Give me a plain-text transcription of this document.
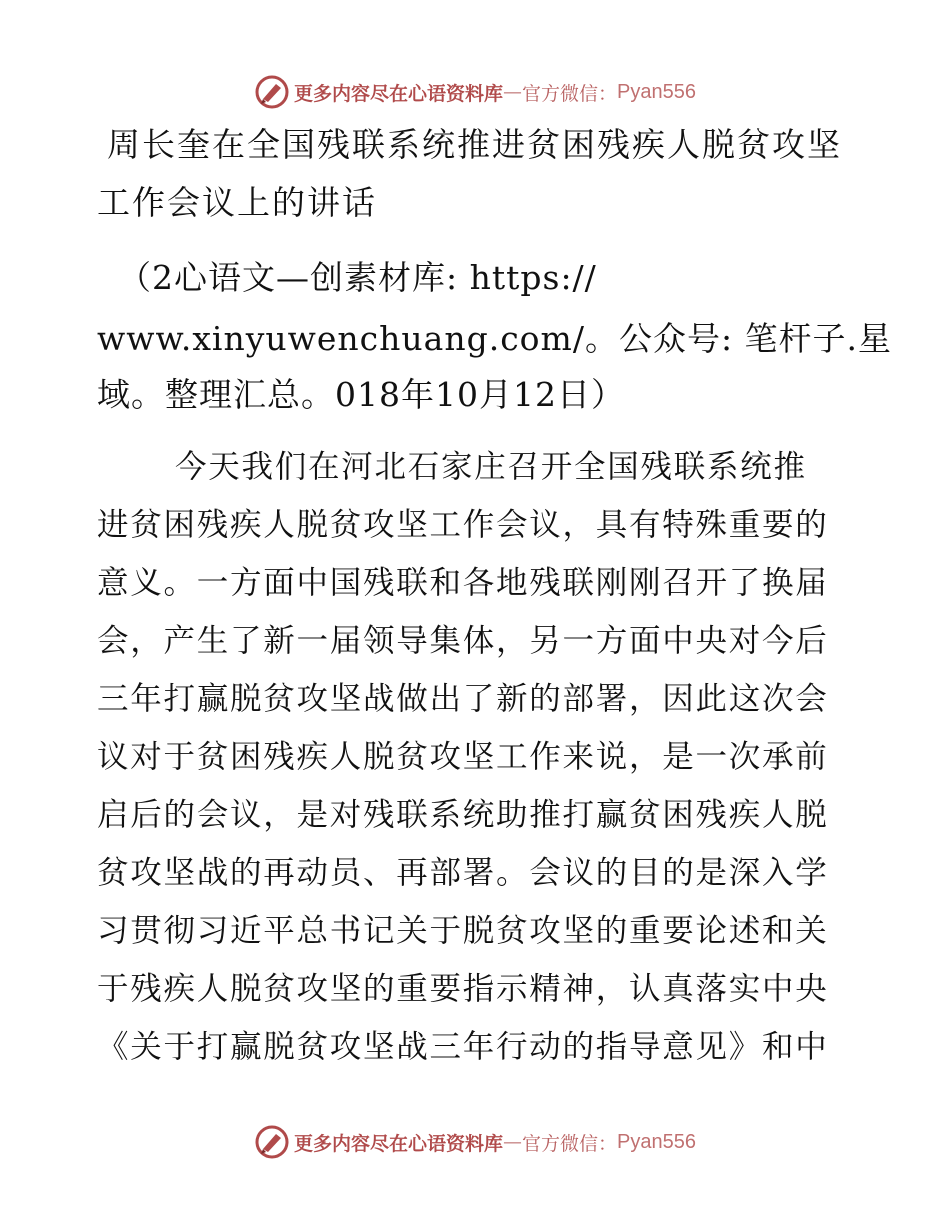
更多内容尽在心语资料库 — 官方微信： Pyan556
周长奎在全国残联系统推进贫困残疾人脱贫攻坚
工作会议上的讲话
（2心语文—创素材库: https://
www.xinyuwenchuang.com/。公众号: 笔杆子.星
域。整理汇总。018年10月12日）
今天我们在河北石家庄召开全国残联系统推
进贫困残疾人脱贫攻坚工作会议，具有特殊重要的
意义。一方面中国残联和各地残联刚刚召开了换届
会，产生了新一届领导集体，另一方面中央对今后
三年打赢脱贫攻坚战做出了新的部署，因此这次会
议对于贫困残疾人脱贫攻坚工作来说，是一次承前
启后的会议，是对残联系统助推打赢贫困残疾人脱
贫攻坚战的再动员、再部署。会议的目的是深入学
习贯彻习近平总书记关于脱贫攻坚的重要论述和关
于残疾人脱贫攻坚的重要指示精神，认真落实中央
《关于打赢脱贫攻坚战三年行动的指导意见》和中
更多内容尽在心语资料库 — 官方微信： Pyan556
